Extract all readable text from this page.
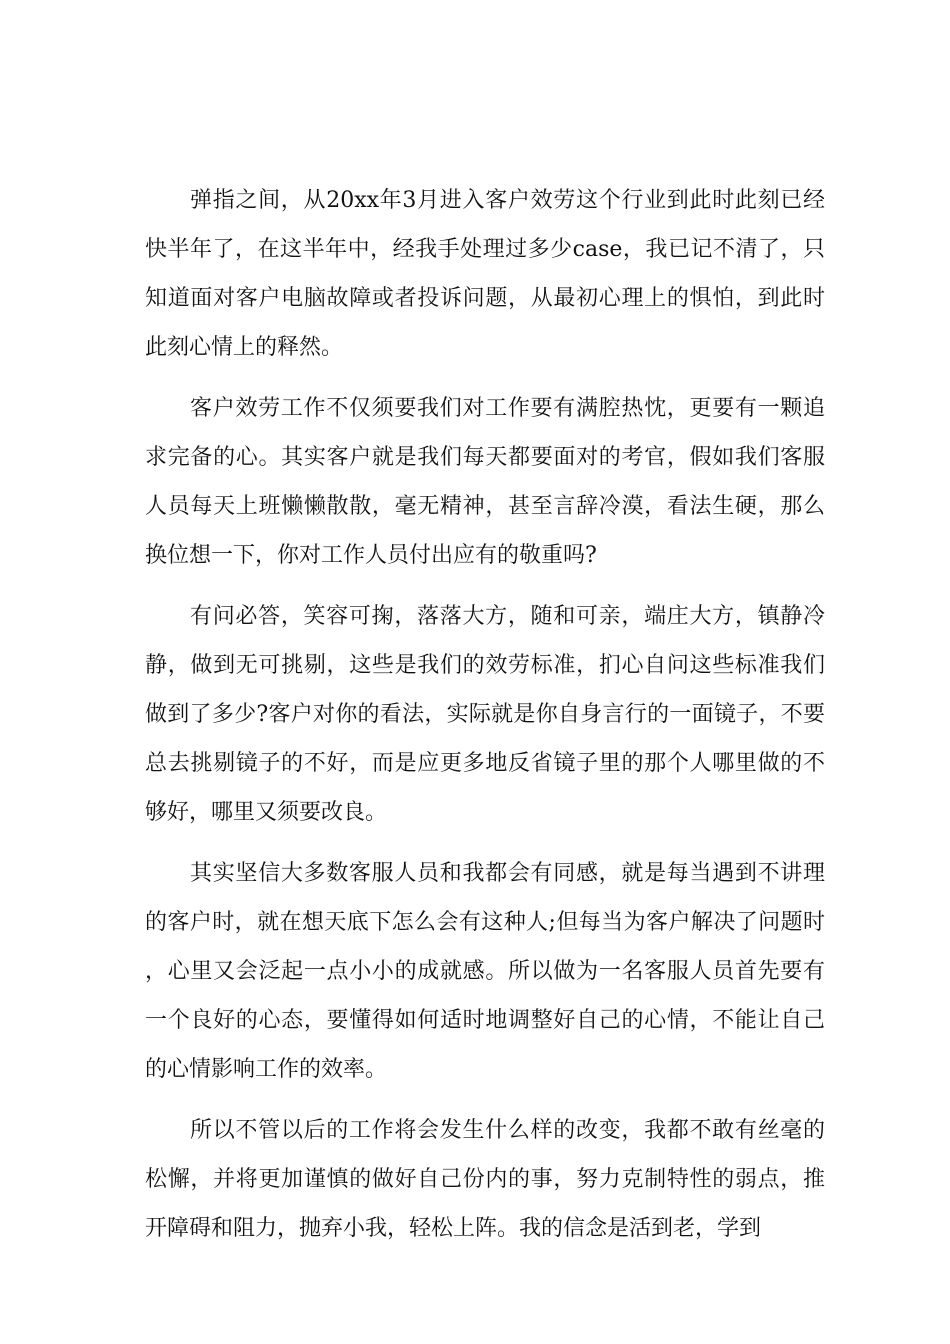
弹指之间，从20xx年3月进入客户效劳这个行业到此时此刻已经快半年了，在这半年中，经我手处理过多少case，我已记不清了，只知道面对客户电脑故障或者投诉问题，从最初心理上的惧怕，到此时此刻心情上的释然。

客户效劳工作不仅须要我们对工作要有满腔热忱，更要有一颗追求完备的心。其实客户就是我们每天都要面对的考官，假如我们客服人员每天上班懒懒散散，毫无精神，甚至言辞冷漠，看法生硬，那么换位想一下，你对工作人员付出应有的敬重吗?

有问必答，笑容可掬，落落大方，随和可亲，端庄大方，镇静冷静，做到无可挑剔，这些是我们的效劳标准，扪心自问这些标准我们做到了多少?客户对你的看法，实际就是你自身言行的一面镜子，不要总去挑剔镜子的不好，而是应更多地反省镜子里的那个人哪里做的不够好，哪里又须要改良。

其实坚信大多数客服人员和我都会有同感，就是每当遇到不讲理的客户时，就在想天底下怎么会有这种人;但每当为客户解决了问题时，心里又会泛起一点小小的成就感。所以做为一名客服人员首先要有一个良好的心态，要懂得如何适时地调整好自己的心情，不能让自己的心情影响工作的效率。

所以不管以后的工作将会发生什么样的改变，我都不敢有丝毫的松懈，并将更加谨慎的做好自己份内的事，努力克制特性的弱点，推开障碍和阻力，抛弃小我，轻松上阵。我的信念是活到老，学到
